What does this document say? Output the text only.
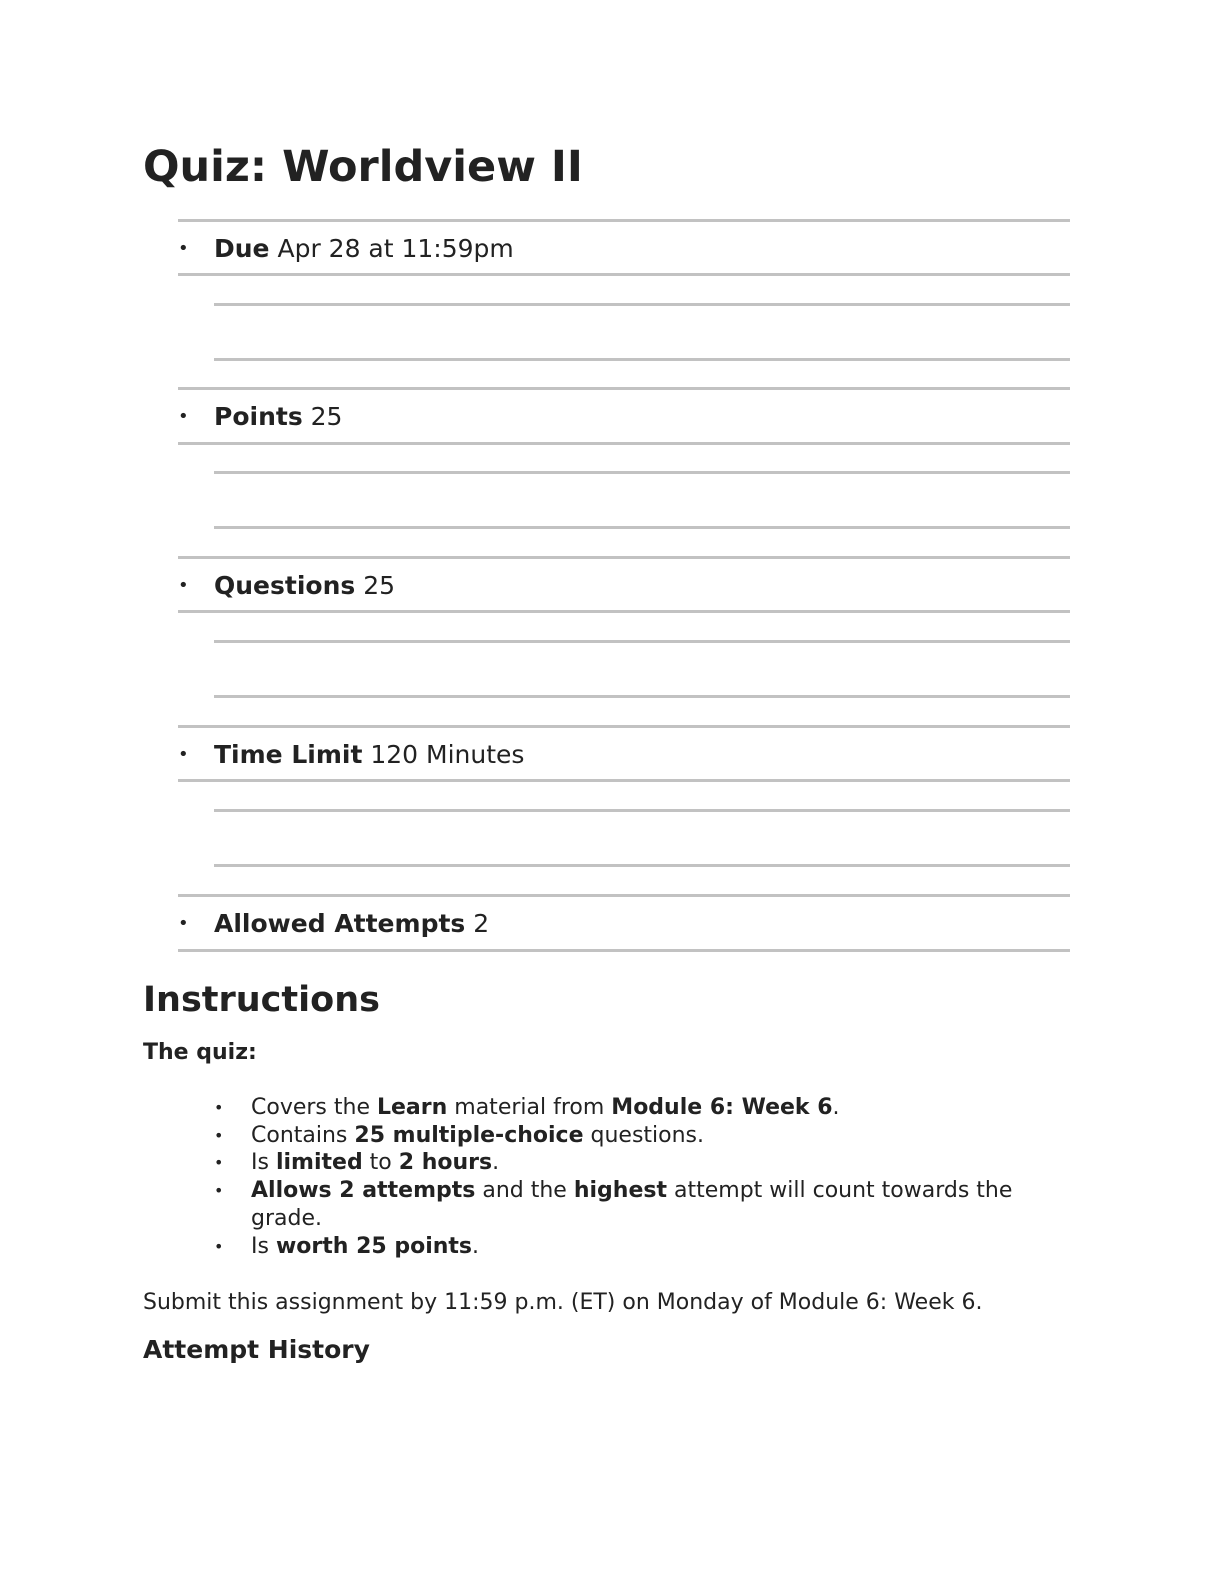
Quiz: Worldview II
• Due Apr 28 at 11:59pm
• Points 25
• Questions 25
• Time Limit 120 Minutes
• Allowed Attempts 2
Instructions

The quiz:

• Covers the Learn material from Module 6: Week 6.
• Contains 25 multiple-choice questions.
• Is limited to 2 hours.
• Allows 2 attempts and the highest attempt will count towards the grade.
• Is worth 25 points.

Submit this assignment by 11:59 p.m. (ET) on Monday of Module 6: Week 6.

Attempt History
